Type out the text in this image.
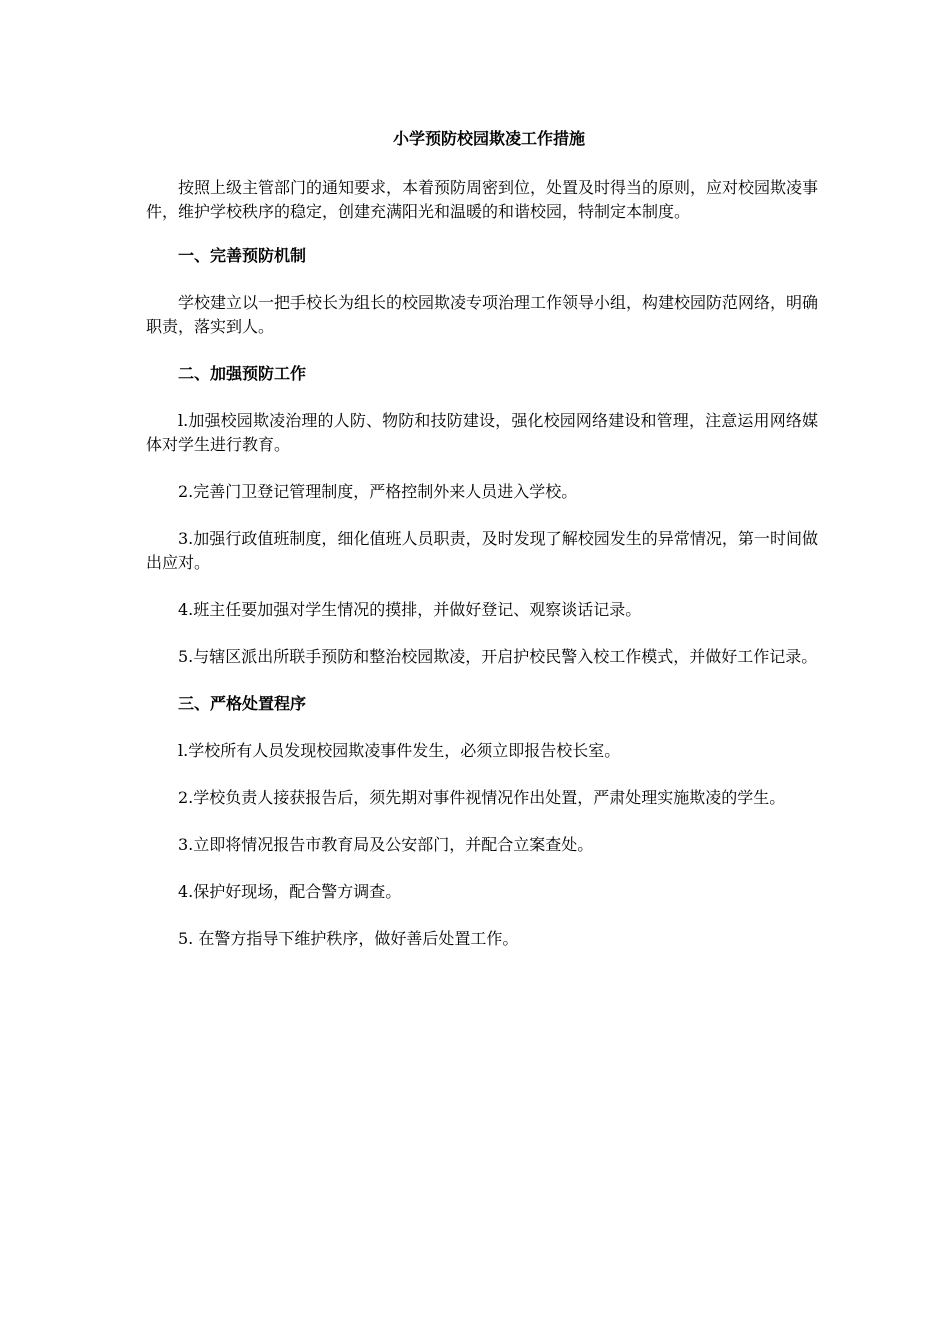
小学预防校园欺凌工作措施

按照上级主管部门的通知要求，本着预防周密到位，处置及时得当的原则，应对校园欺凌事件，维护学校秩序的稳定，创建充满阳光和温暖的和谐校园，特制定本制度。

一、完善预防机制

学校建立以一把手校长为组长的校园欺凌专项治理工作领导小组，构建校园防范网络，明确职责，落实到人。

二、加强预防工作

l.加强校园欺凌治理的人防、物防和技防建设，强化校园网络建设和管理，注意运用网络媒体对学生进行教育。

2.完善门卫登记管理制度，严格控制外来人员进入学校。

3.加强行政值班制度，细化值班人员职责，及时发现了解校园发生的异常情况，第一时间做出应对。

4.班主任要加强对学生情况的摸排，并做好登记、观察谈话记录。

5.与辖区派出所联手预防和整治校园欺凌，开启护校民警入校工作模式，并做好工作记录。

三、严格处置程序

l.学校所有人员发现校园欺凌事件发生，必须立即报告校长室。

2.学校负责人接获报告后，须先期对事件视情况作出处置，严肃处理实施欺凌的学生。

3.立即将情况报告市教育局及公安部门，并配合立案查处。

4.保护好现场，配合警方调查。

5. 在警方指导下维护秩序，做好善后处置工作。
